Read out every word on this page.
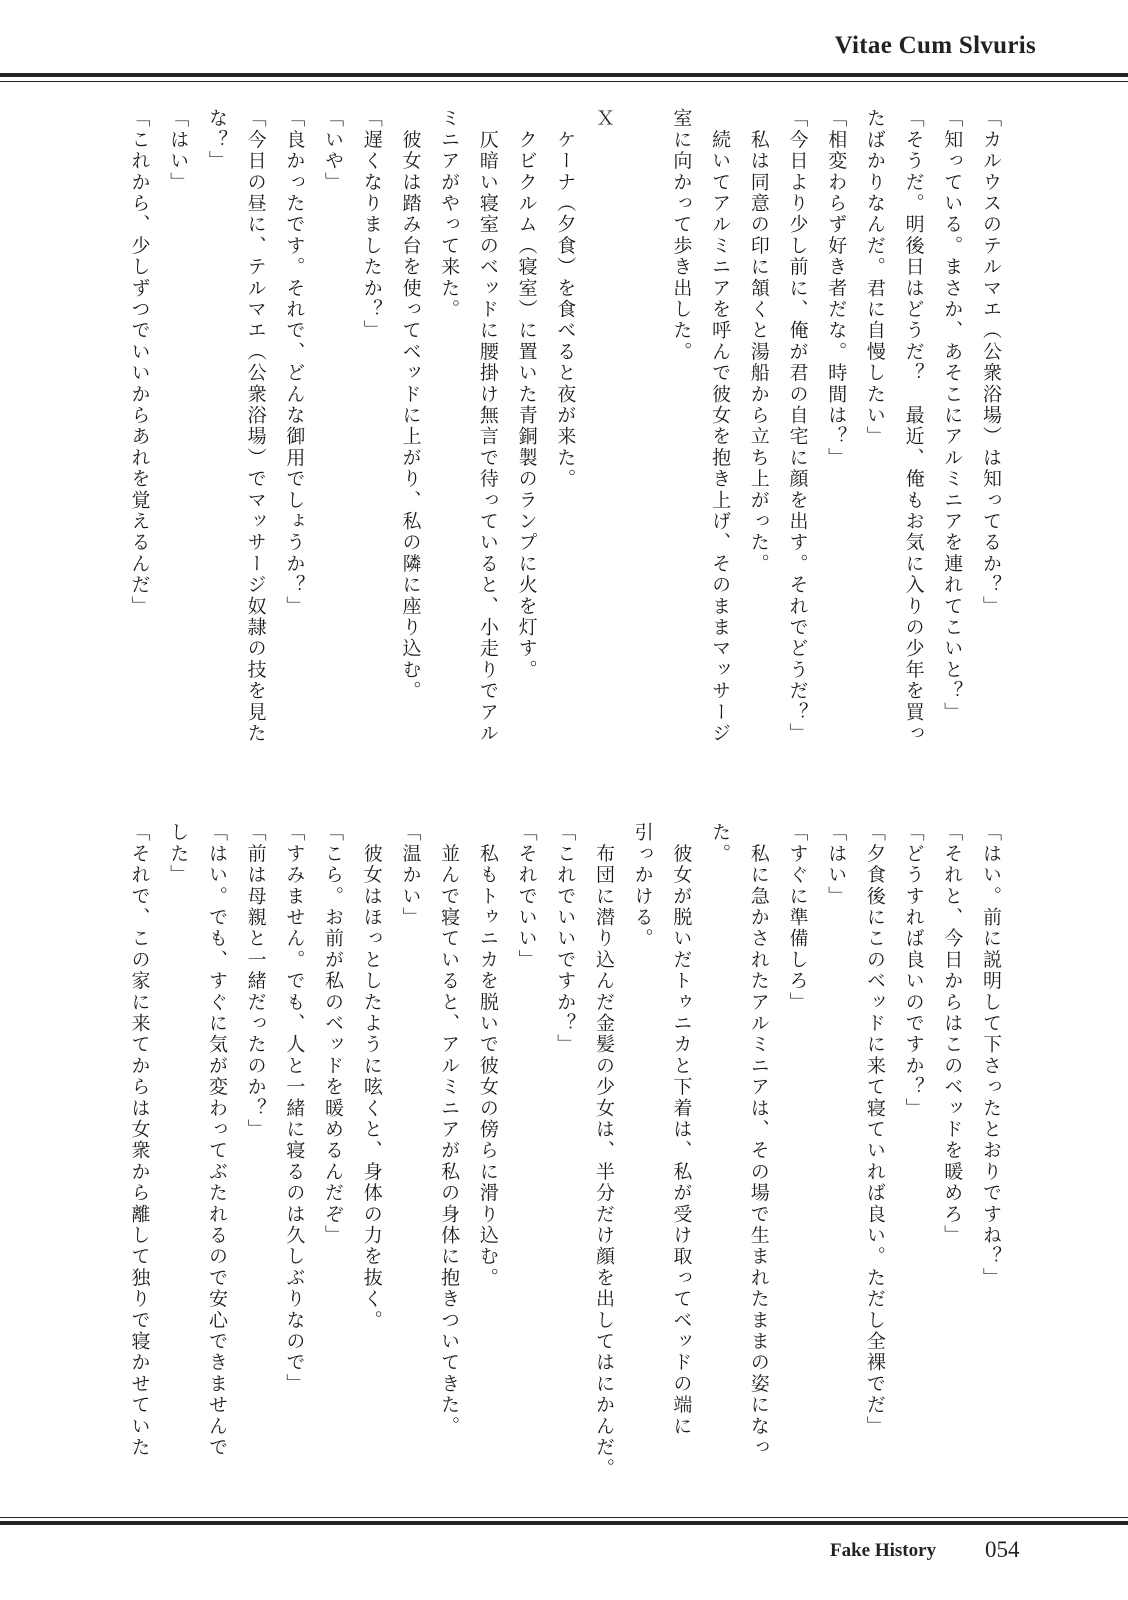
Vitae Cum Slvuris
「カルウスのテルマエ（公衆浴場）は知ってるか？」
「知っている。まさか、あそこにアルミニアを連れてこいと？」
「そうだ。明後日はどうだ？　最近、俺もお気に入りの少年を買っ
たばかりなんだ。君に自慢したい」
「相変わらず好き者だな。時間は？」
「今日より少し前に、俺が君の自宅に顔を出す。それでどうだ？」
　私は同意の印に頷くと湯船から立ち上がった。
　続いてアルミニアを呼んで彼女を抱き上げ、そのままマッサージ
室に向かって歩き出した。

Ｘ
　ケーナ（夕食）を食べると夜が来た。
　クビクルム（寝室）に置いた青銅製のランプに火を灯す。
　仄暗い寝室のベッドに腰掛け無言で待っていると、小走りでアル
ミニアがやって来た。
　彼女は踏み台を使ってベッドに上がり、私の隣に座り込む。
「遅くなりましたか？」
「いや」
「良かったです。それで、どんな御用でしょうか？」
「今日の昼に、テルマエ（公衆浴場）でマッサージ奴隷の技を見た
な？」
「はい」
「これから、少しずつでいいからあれを覚えるんだ」
「はい。前に説明して下さったとおりですね？」
「それと、今日からはこのベッドを暖めろ」
「どうすれば良いのですか？」
「夕食後にこのベッドに来て寝ていれば良い。ただし全裸でだ」
「はい」
「すぐに準備しろ」
　私に急かされたアルミニアは、その場で生まれたままの姿になっ
た。
　彼女が脱いだトゥニカと下着は、私が受け取ってベッドの端に
引っかける。
　布団に潜り込んだ金髪の少女は、半分だけ顔を出してはにかんだ。
「これでいいですか？」
「それでいい」
　私もトゥニカを脱いで彼女の傍らに滑り込む。
　並んで寝ていると、アルミニアが私の身体に抱きついてきた。
「温かい」
　彼女はほっとしたように呟くと、身体の力を抜く。
「こら。お前が私のベッドを暖めるんだぞ」
「すみません。でも、人と一緒に寝るのは久しぶりなので」
「前は母親と一緒だったのか？」
「はい。でも、すぐに気が変わってぶたれるので安心できませんで
した」
「それで、この家に来てからは女衆から離して独りで寝かせていた
Fake History 054
